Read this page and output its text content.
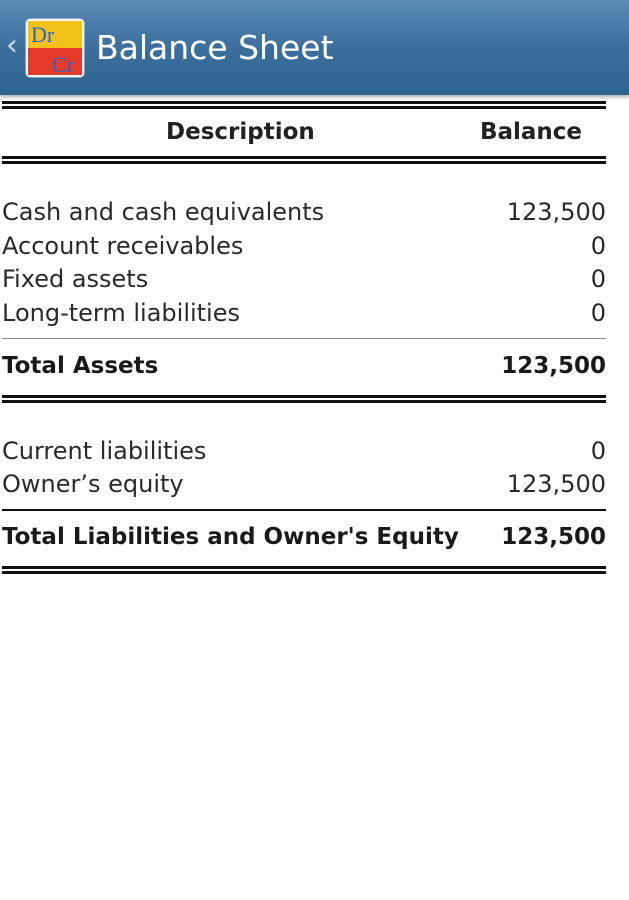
‹ Dr
Cr Balance Sheet
Description	Balance
Cash and cash equivalents	123,500
Account receivables	0
Fixed assets	0
Long-term liabilities	0
Total Assets	123,500
Current liabilities	0
Owner’s equity	123,500
Total Liabilities and Owner's Equity 123,500
